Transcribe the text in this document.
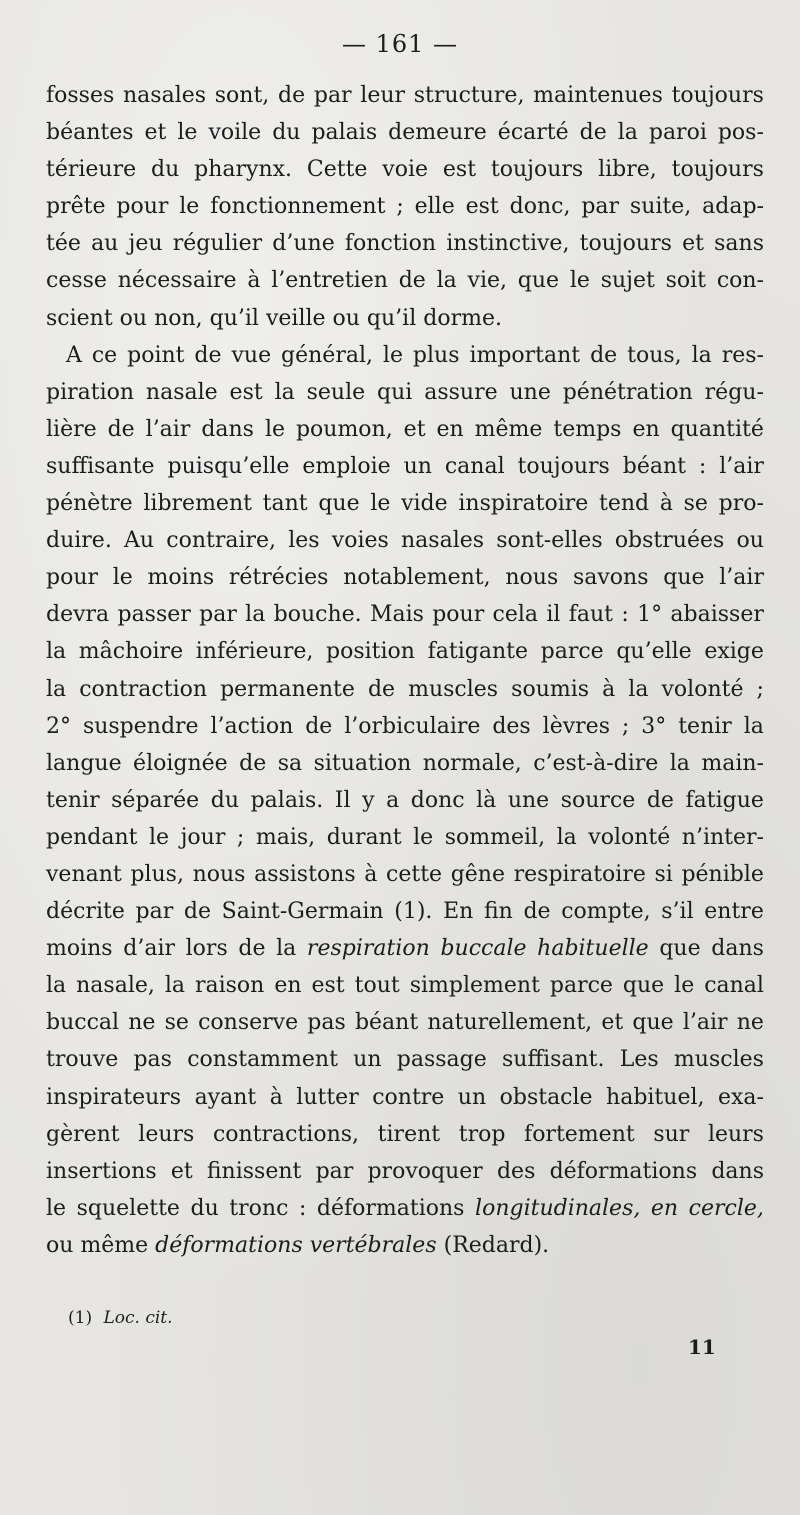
— 161 —
fosses nasales sont, de par leur structure, maintenues toujours
béantes et le voile du palais demeure écarté de la paroi pos-
térieure du pharynx. Cette voie est toujours libre, toujours
prête pour le fonctionnement ; elle est donc, par suite, adap-
tée au jeu régulier d’une fonction instinctive, toujours et sans
cesse nécessaire à l’entretien de la vie, que le sujet soit con-
scient ou non, qu’il veille ou qu’il dorme.
A ce point de vue général, le plus important de tous, la res-
piration nasale est la seule qui assure une pénétration régu-
lière de l’air dans le poumon, et en même temps en quantité
suffisante puisqu’elle emploie un canal toujours béant : l’air
pénètre librement tant que le vide inspiratoire tend à se pro-
duire. Au contraire, les voies nasales sont-elles obstruées ou
pour le moins rétrécies notablement, nous savons que l’air
devra passer par la bouche. Mais pour cela il faut : 1° abaisser
la mâchoire inférieure, position fatigante parce qu’elle exige
la contraction permanente de muscles soumis à la volonté ;
2° suspendre l’action de l’orbiculaire des lèvres ; 3° tenir la
langue éloignée de sa situation normale, c’est-à-dire la main-
tenir séparée du palais. Il y a donc là une source de fatigue
pendant le jour ; mais, durant le sommeil, la volonté n’inter-
venant plus, nous assistons à cette gêne respiratoire si pénible
décrite par de Saint-Germain (1). En fin de compte, s’il entre
moins d’air lors de la respiration buccale habituelle que dans
la nasale, la raison en est tout simplement parce que le canal
buccal ne se conserve pas béant naturellement, et que l’air ne
trouve pas constamment un passage suffisant. Les muscles
inspirateurs ayant à lutter contre un obstacle habituel, exa-
gèrent leurs contractions, tirent trop fortement sur leurs
insertions et finissent par provoquer des déformations dans
le squelette du tronc : déformations longitudinales, en cercle,
ou même déformations vertébrales (Redard).
(1) Loc. cit.
11
